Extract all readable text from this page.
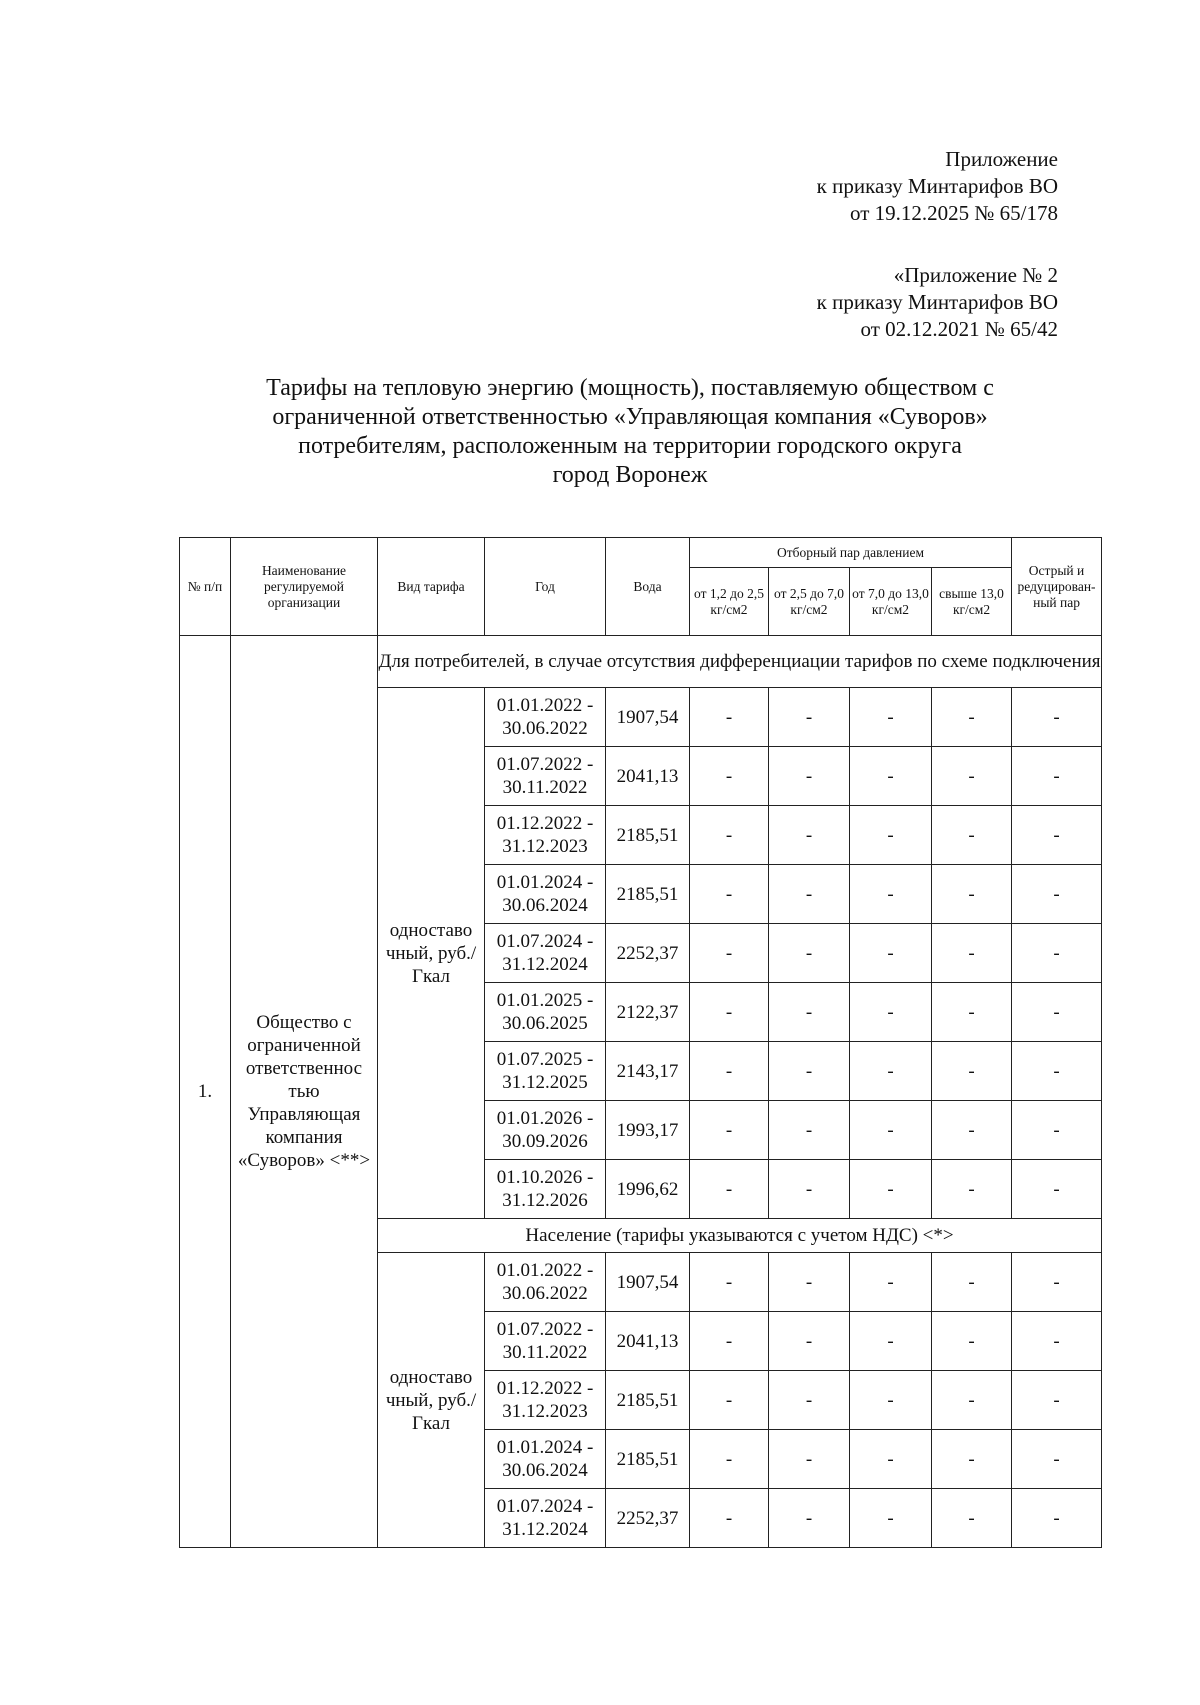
Приложение
к приказу Минтарифов ВО
от 19.12.2025 № 65/178
«Приложение № 2
к приказу Минтарифов ВО
от 02.12.2021 № 65/42
Тарифы на тепловую энергию (мощность), поставляемую обществом с
ограниченной ответственностью «Управляющая компания «Суворов»
потребителям, расположенным на территории городского округа
город Воронеж
№ п/п	Наименование регулируемой организации	Вид тарифа	Год	Вода	Отборный пар давлением				Острый и редуцирован-ный пар
					от 1,2 до 2,5 кг/см2	от 2,5 до 7,0 кг/см2	от 7,0 до 13,0 кг/см2	свыше 13,0 кг/см2	
1.	Общество с ограниченной ответственнос тью Управляющая компания «Суворов» <**>	Для потребителей, в случае отсутствия дифференциации тарифов по схеме подключения							
		одноставо чный, руб./Гкал	01.01.2022 - 30.06.2022	1907,54	-	-	-	-	-
			01.07.2022 - 30.11.2022	2041,13	-	-	-	-	-
			01.12.2022 - 31.12.2023	2185,51	-	-	-	-	-
			01.01.2024 - 30.06.2024	2185,51	-	-	-	-	-
			01.07.2024 - 31.12.2024	2252,37	-	-	-	-	-
			01.01.2025 - 30.06.2025	2122,37	-	-	-	-	-
			01.07.2025 - 31.12.2025	2143,17	-	-	-	-	-
			01.01.2026 - 30.09.2026	1993,17	-	-	-	-	-
			01.10.2026 - 31.12.2026	1996,62	-	-	-	-	-
		Население (тарифы указываются с учетом НДС) <*>							
		одноставо чный, руб./Гкал	01.01.2022 - 30.06.2022	1907,54	-	-	-	-	-
			01.07.2022 - 30.11.2022	2041,13	-	-	-	-	-
			01.12.2022 - 31.12.2023	2185,51	-	-	-	-	-
			01.01.2024 - 30.06.2024	2185,51	-	-	-	-	-
			01.07.2024 - 31.12.2024	2252,37	-	-	-	-	-
